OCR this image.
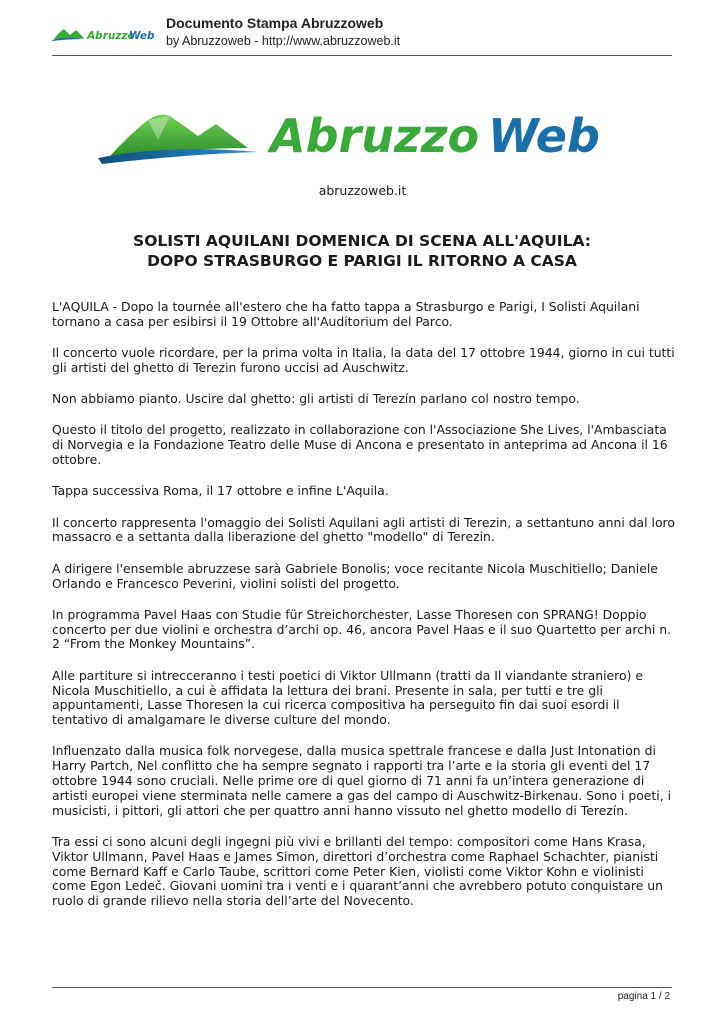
Abruzzo
Web
Documento Stampa Abruzzoweb
by Abruzzoweb - http://www.abruzzoweb.it
Abruzzo Web
abruzzoweb.it
SOLISTI AQUILANI DOMENICA DI SCENA ALL'AQUILA:
DOPO STRASBURGO E PARIGI IL RITORNO A CASA

L'AQUILA - Dopo la tournée all'estero che ha fatto tappa a Strasburgo e Parigi, I Solisti Aquilani tornano a casa per esibirsi il 19 Ottobre all'Auditorium del Parco.

Il concerto vuole ricordare, per la prima volta in Italia, la data del 17 ottobre 1944, giorno in cui tutti gli artisti del ghetto di Terezin furono uccisi ad Auschwitz.

Non abbiamo pianto. Uscire dal ghetto: gli artisti di Terezín parlano col nostro tempo.

Questo il titolo del progetto, realizzato in collaborazione con l'Associazione She Lives, l'Ambasciata di Norvegia e la Fondazione Teatro delle Muse di Ancona e presentato in anteprima ad Ancona il 16 ottobre.

Tappa successiva Roma, il 17 ottobre e infine L'Aquila.

Il concerto rappresenta l'omaggio dei Solisti Aquilani agli artisti di Terezin, a settantuno anni dal loro massacro e a settanta dalla liberazione del ghetto "modello" di Terezin.

A dirigere l'ensemble abruzzese sarà Gabriele Bonolis; voce recitante Nicola Muschitiello; Daniele Orlando e Francesco Peverini, violini solisti del progetto.

In programma Pavel Haas con Studie für Streichorchester, Lasse Thoresen con SPRANG! Doppio concerto per due violini e orchestra d’archi op. 46, ancora Pavel Haas e il suo Quartetto per archi n. 2 “From the Monkey Mountains”.

Alle partiture si intrecceranno i testi poetici di Viktor Ullmann (tratti da Il viandante straniero) e Nicola Muschitiello, a cui è affidata la lettura dei brani. Presente in sala, per tutti e tre gli appuntamenti, Lasse Thoresen la cui ricerca compositiva ha perseguito fin dai suoi esordi il tentativo di amalgamare le diverse culture del mondo.

Influenzato dalla musica folk norvegese, dalla musica spettrale francese e dalla Just Intonation di Harry Partch, Nel conflitto che ha sempre segnato i rapporti tra l’arte e la storia gli eventi del 17 ottobre 1944 sono cruciali. Nelle prime ore di quel giorno di 71 anni fa un’intera generazione di artisti europei viene sterminata nelle camere a gas del campo di Auschwitz-Birkenau. Sono i poeti, i musicisti, i pittori, gli attori che per quattro anni hanno vissuto nel ghetto modello di Terezín.

Tra essi ci sono alcuni degli ingegni più vivi e brillanti del tempo: compositori come Hans Krasa, Viktor Ullmann, Pavel Haas e James Simon, direttori d’orchestra come Raphael Schachter, pianisti come Bernard Kaff e Carlo Taube, scrittori come Peter Kien, violisti come Viktor Kohn e violinisti come Egon Ledeč. Giovani uomini tra i venti e i quarant’anni che avrebbero potuto conquistare un ruolo di grande rilievo nella storia dell’arte del Novecento.

pagina 1 / 2
